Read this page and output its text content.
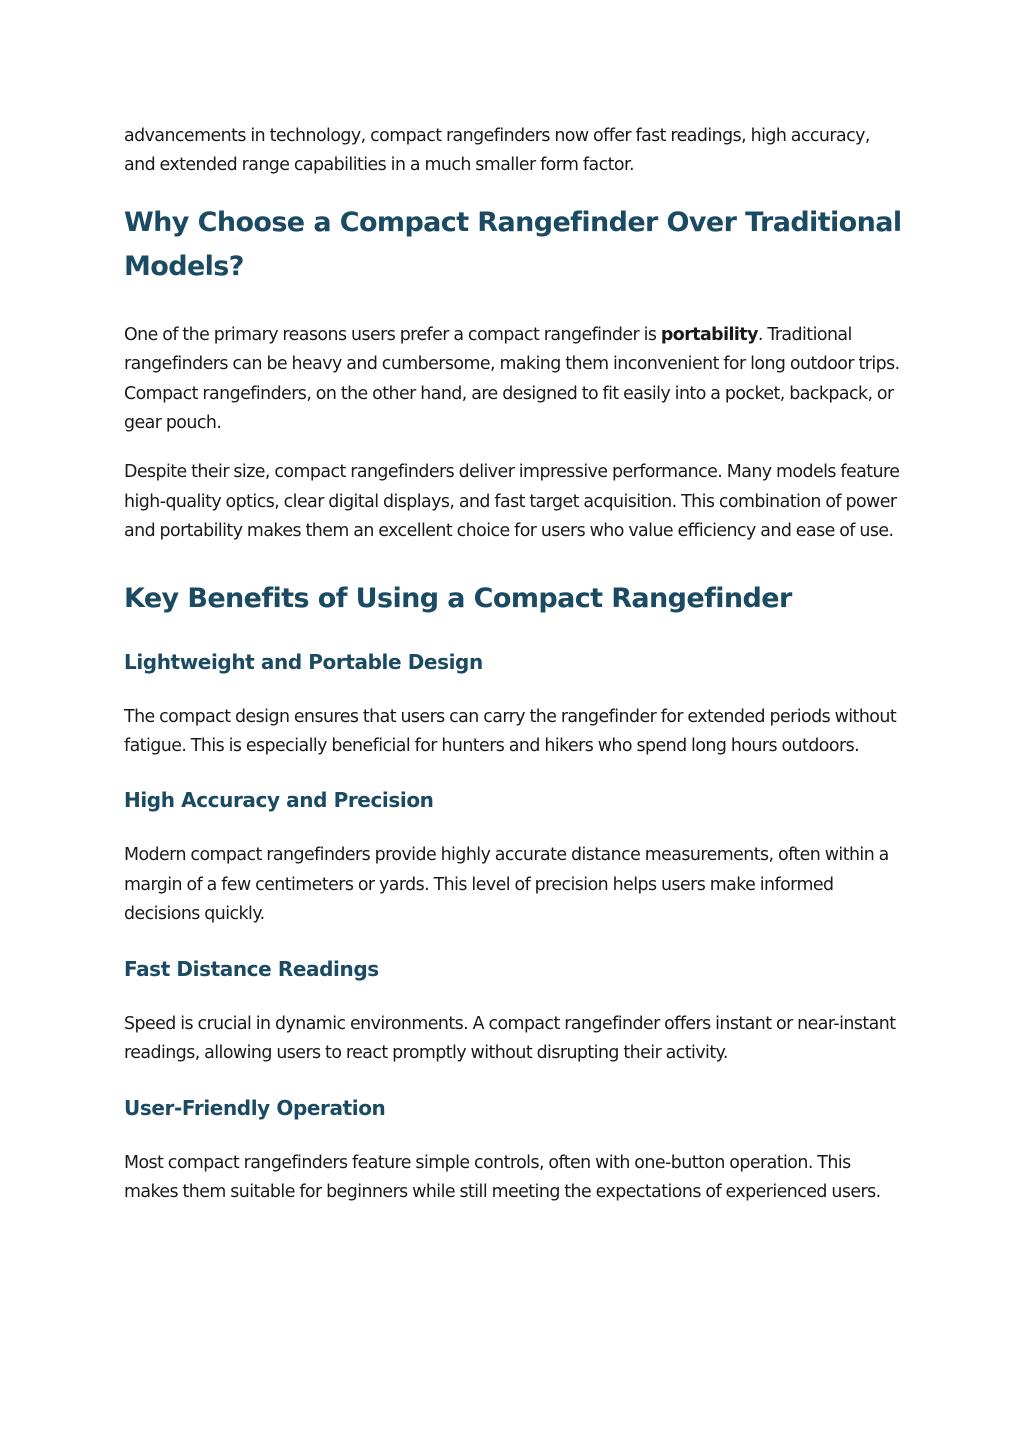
advancements in technology, compact rangefinders now offer fast readings, high accuracy, and extended range capabilities in a much smaller form factor.

Why Choose a Compact Rangefinder Over Traditional Models?

One of the primary reasons users prefer a compact rangefinder is portability. Traditional rangefinders can be heavy and cumbersome, making them inconvenient for long outdoor trips. Compact rangefinders, on the other hand, are designed to fit easily into a pocket, backpack, or gear pouch.

Despite their size, compact rangefinders deliver impressive performance. Many models feature high-quality optics, clear digital displays, and fast target acquisition. This combination of power and portability makes them an excellent choice for users who value efficiency and ease of use.

Key Benefits of Using a Compact Rangefinder
Lightweight and Portable Design

The compact design ensures that users can carry the rangefinder for extended periods without fatigue. This is especially beneficial for hunters and hikers who spend long hours outdoors.

High Accuracy and Precision

Modern compact rangefinders provide highly accurate distance measurements, often within a margin of a few centimeters or yards. This level of precision helps users make informed decisions quickly.

Fast Distance Readings

Speed is crucial in dynamic environments. A compact rangefinder offers instant or near-instant readings, allowing users to react promptly without disrupting their activity.

User-Friendly Operation

Most compact rangefinders feature simple controls, often with one-button operation. This makes them suitable for beginners while still meeting the expectations of experienced users.
